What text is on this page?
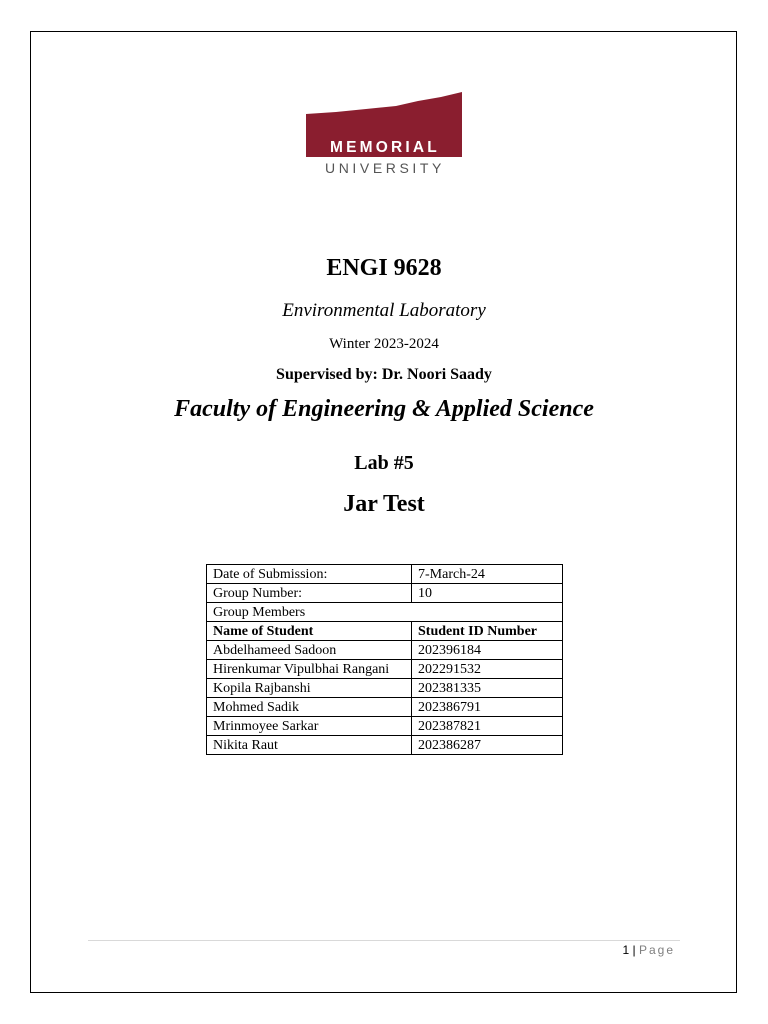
MEMORIAL
UNIVERSITY
ENGI 9628
Environmental Laboratory
Winter 2023-2024
Supervised by: Dr. Noori Saady
Faculty of Engineering & Applied Science
Lab #5
Jar Test
Date of Submission:	7-March-24
Group Number:	10
Group Members	
Name of Student	Student ID Number
Abdelhameed Sadoon	202396184
Hirenkumar Vipulbhai Rangani	202291532
Kopila Rajbanshi	202381335
Mohmed Sadik	202386791
Mrinmoyee Sarkar	202387821
Nikita Raut	202386287
1 | Page
